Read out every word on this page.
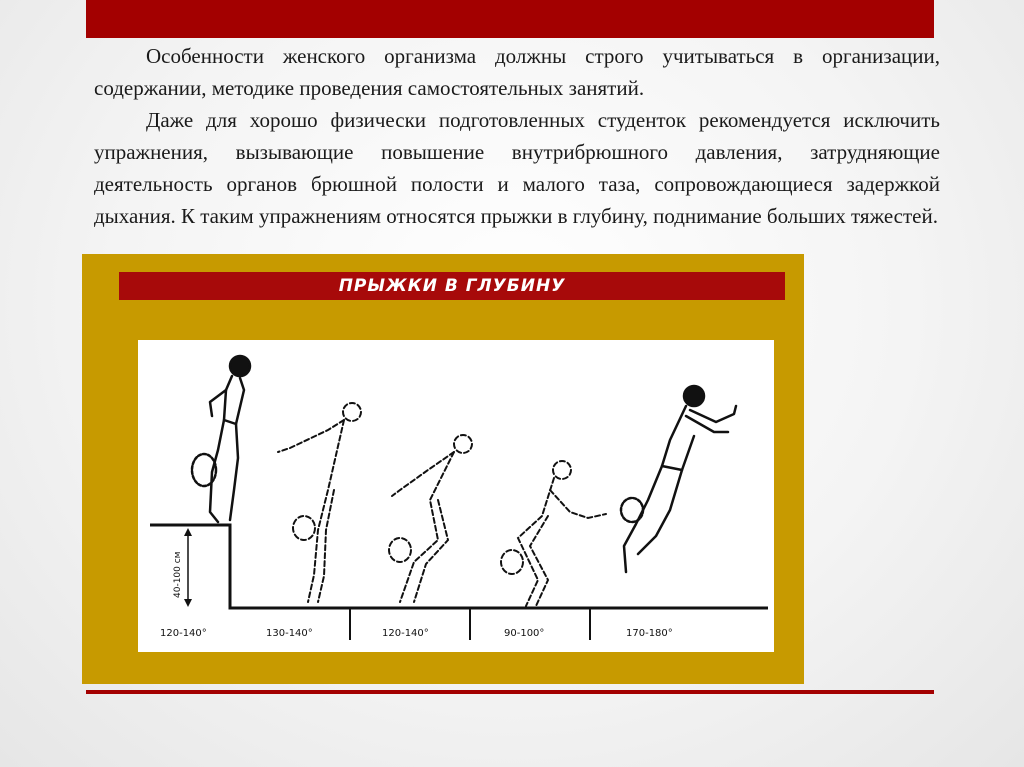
Особенности женского организма должны строго учитываться в организации, содержании, методике проведения самостоятельных занятий.

Даже для хорошо физически подготовленных студенток рекомендуется исключить упражнения, вызывающие повышение внутрибрюшного давления, затрудняющие деятельность органов брюшной полости и малого таза, сопровождающиеся задержкой дыхания. К таким упражнениям относятся прыжки в глубину, поднимание больших тяжестей.

ПРЫЖКИ В ГЛУБИНУ
40-100 см
120-140°	130-140°	120-140°	90-100°	170-180°
